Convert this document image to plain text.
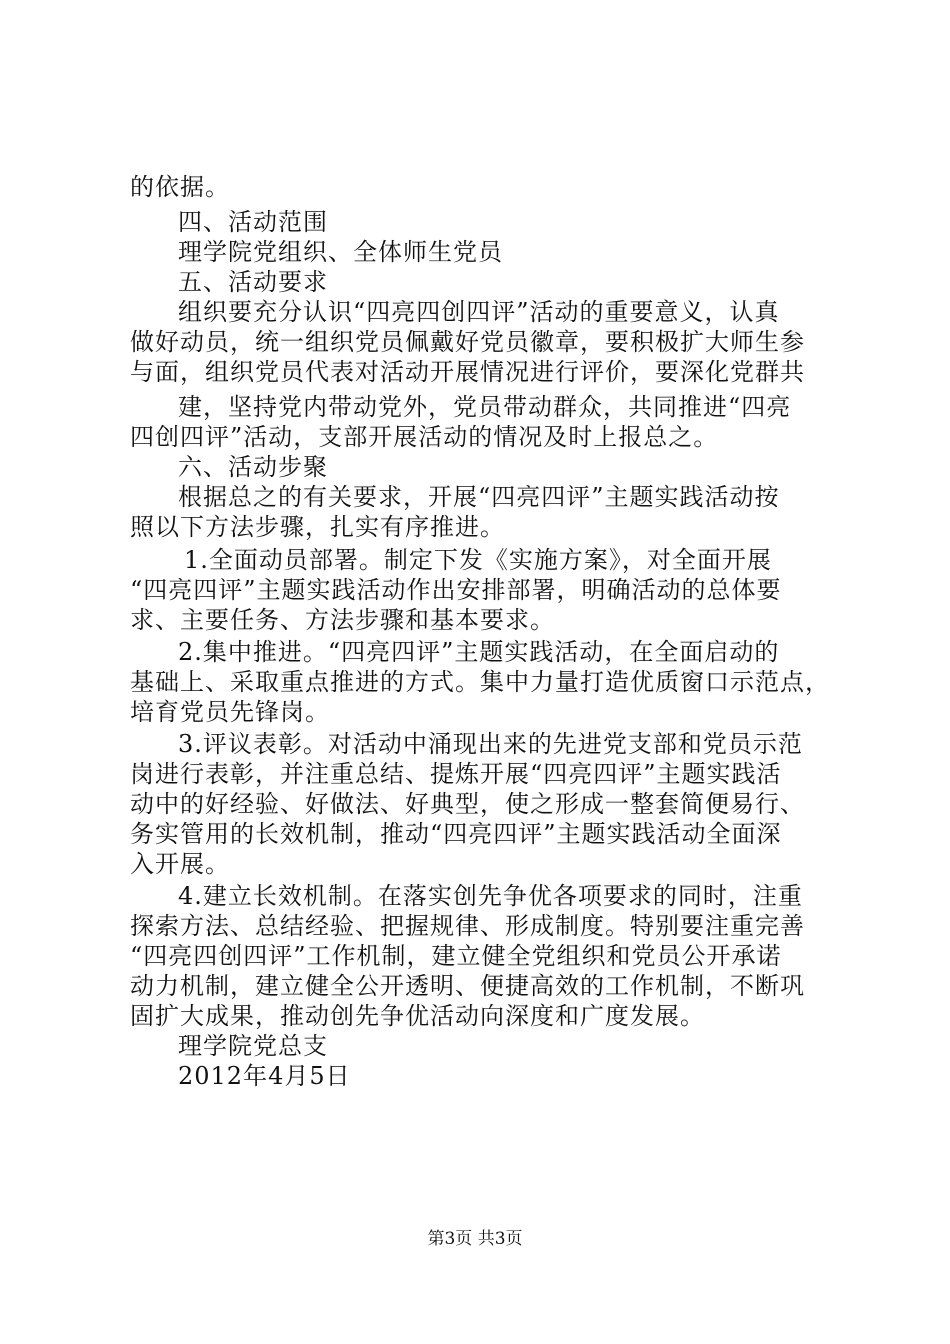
的依据。
四、活动范围
理学院党组织、全体师生党员
五、活动要求
组织要充分认识“四亮四创四评”活动的重要意义，认真
做好动员，统一组织党员佩戴好党员徽章，要积极扩大师生参
与面，组织党员代表对活动开展情况进行评价，要深化党群共
建，坚持党内带动党外，党员带动群众，共同推进“四亮
四创四评”活动，支部开展活动的情况及时上报总之。
六、活动步聚
根据总之的有关要求，开展“四亮四评”主题实践活动按
照以下方法步骤，扎实有序推进。
1.全面动员部署。制定下发《实施方案》，对全面开展
“四亮四评”主题实践活动作出安排部署，明确活动的总体要
求、主要任务、方法步骤和基本要求。
2.集中推进。“四亮四评”主题实践活动，在全面启动的
基础上、采取重点推进的方式。集中力量打造优质窗口示范点，
培育党员先锋岗。
3.评议表彰。对活动中涌现出来的先进党支部和党员示范
岗进行表彰，并注重总结、提炼开展“四亮四评”主题实践活
动中的好经验、好做法、好典型，使之形成一整套简便易行、
务实管用的长效机制，推动“四亮四评”主题实践活动全面深
入开展。
4.建立长效机制。在落实创先争优各项要求的同时，注重
探索方法、总结经验、把握规律、形成制度。特别要注重完善
“四亮四创四评”工作机制，建立健全党组织和党员公开承诺
动力机制，建立健全公开透明、便捷高效的工作机制，不断巩
固扩大成果，推动创先争优活动向深度和广度发展。
理学院党总支
2012年4月5日
第3页 共3页
